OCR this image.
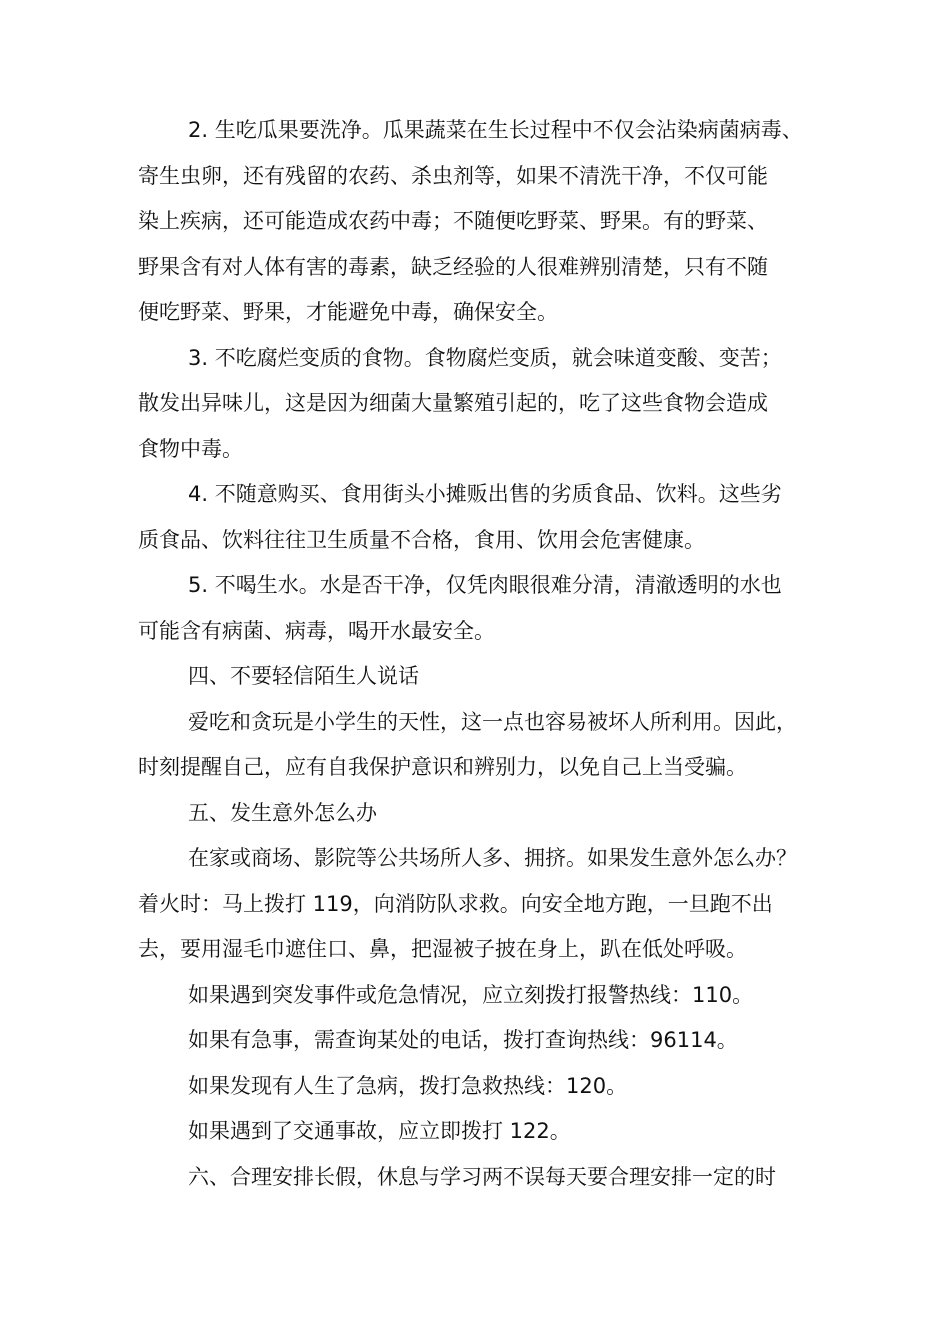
2. 生吃瓜果要洗净。瓜果蔬菜在生长过程中不仅会沾染病菌病毒、
寄生虫卵，还有残留的农药、杀虫剂等，如果不清洗干净，不仅可能
染上疾病，还可能造成农药中毒；不随便吃野菜、野果。有的野菜、
野果含有对人体有害的毒素，缺乏经验的人很难辨别清楚，只有不随
便吃野菜、野果，才能避免中毒，确保安全。
3. 不吃腐烂变质的食物。食物腐烂变质，就会味道变酸、变苦；
散发出异味儿，这是因为细菌大量繁殖引起的，吃了这些食物会造成
食物中毒。
4. 不随意购买、食用街头小摊贩出售的劣质食品、饮料。这些劣
质食品、饮料往往卫生质量不合格，食用、饮用会危害健康。
5. 不喝生水。水是否干净，仅凭肉眼很难分清，清澈透明的水也
可能含有病菌、病毒，喝开水最安全。
四、不要轻信陌生人说话
爱吃和贪玩是小学生的天性，这一点也容易被坏人所利用。因此，
时刻提醒自己，应有自我保护意识和辨别力，以免自己上当受骗。
五、发生意外怎么办
在家或商场、影院等公共场所人多、拥挤。如果发生意外怎么办？
着火时：马上拨打 119，向消防队求救。向安全地方跑，一旦跑不出
去，要用湿毛巾遮住口、鼻，把湿被子披在身上，趴在低处呼吸。
如果遇到突发事件或危急情况，应立刻拨打报警热线：110。
如果有急事，需查询某处的电话，拨打查询热线：96114。
如果发现有人生了急病，拨打急救热线：120。
如果遇到了交通事故，应立即拨打 122。
六、合理安排长假，休息与学习两不误每天要合理安排一定的时
